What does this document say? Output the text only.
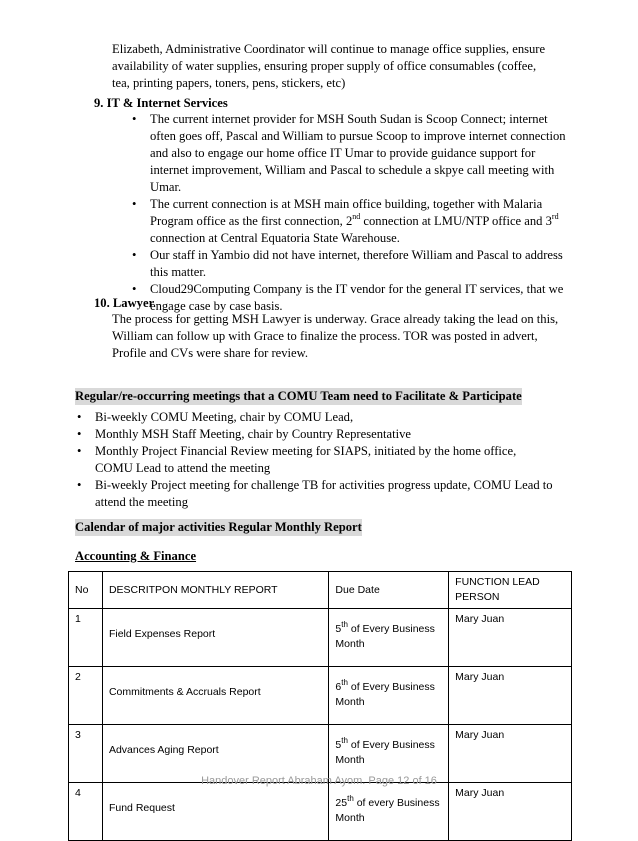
Elizabeth, Administrative Coordinator will continue to manage office supplies, ensure availability of water supplies, ensuring proper supply of office consumables (coffee, tea, printing papers, toners, pens, stickers, etc)
9. IT & Internet Services
• The current internet provider for MSH South Sudan is Scoop Connect; internet often goes off, Pascal and William to pursue Scoop to improve internet connection and also to engage our home office IT Umar to provide guidance support for internet improvement, William and Pascal to schedule a skpye call meeting with Umar.
• The current connection is at MSH main office building, together with Malaria Program office as the first connection, 2nd connection at LMU/NTP office and 3rd connection at Central Equatoria State Warehouse.
• Our staff in Yambio did not have internet, therefore William and Pascal to address this matter.
• Cloud29Computing Company is the IT vendor for the general IT services, that we engage case by case basis.
10. Lawyer
The process for getting MSH Lawyer is underway. Grace already taking the lead on this, William can follow up with Grace to finalize the process. TOR was posted in advert, Profile and CVs were share for review.
Regular/re-occurring meetings that a COMU Team need to Facilitate & Participate
• Bi-weekly COMU Meeting, chair by COMU Lead,
• Monthly MSH Staff Meeting, chair by Country Representative
• Monthly Project Financial Review meeting for SIAPS, initiated by the home office, COMU Lead to attend the meeting
• Bi-weekly Project meeting for challenge TB for activities progress update, COMU Lead to attend the meeting
Calendar of major activities Regular Monthly Report
Accounting & Finance
No	DESCRITPON MONTHLY REPORT	Due Date	FUNCTION LEAD PERSON
1	Field Expenses Report	5th of Every Business Month	Mary Juan
2	Commitments & Accruals Report	6th of Every Business Month	Mary Juan
3	Advances Aging Report	5th of Every Business Month	Mary Juan
4	Fund Request	25th of every Business Month	Mary Juan
Handover Report Abraham Ayom. Page 12 of 16
